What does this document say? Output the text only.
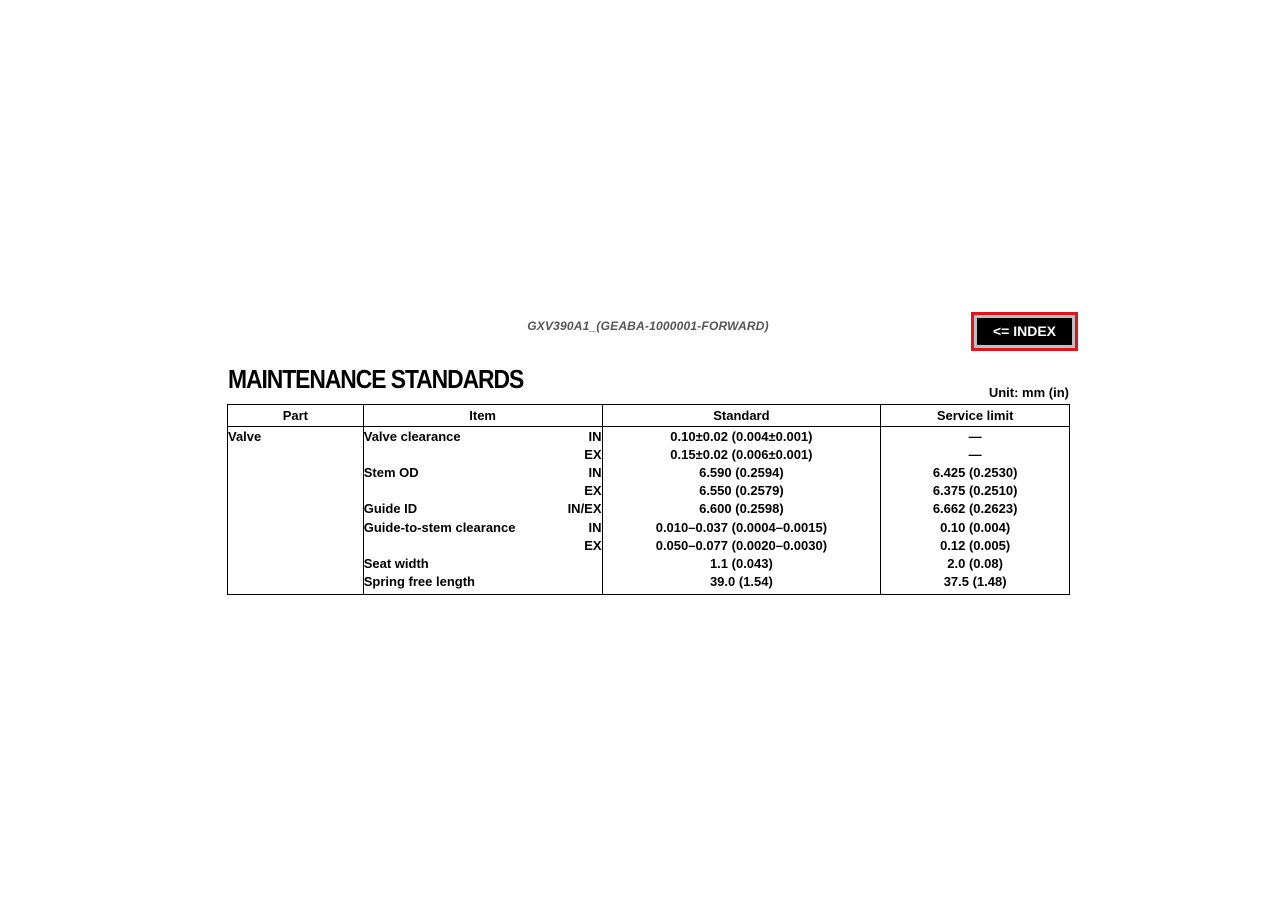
GXV390A1_(GEABA-1000001-FORWARD)	<= INDEX
MAINTENANCE STANDARDS	Unit: mm (in)
Part	Item	Standard	Service limit
Valve	Valve clearance IN	0.10±0.02 (0.004±0.001)	—

	EX	0.15±0.02 (0.006±0.001)	—

	Stem OD IN	6.590 (0.2594)	6.425 (0.2530)

	EX	6.550 (0.2579)	6.375 (0.2510)

	Guide ID IN/EX	6.600 (0.2598)	6.662 (0.2623)

	Guide-to-stem clearance IN	0.010–0.037 (0.0004–0.0015)	0.10 (0.004)

	EX	0.050–0.077 (0.0020–0.0030)	0.12 (0.005)

	Seat width	1.1 (0.043)	2.0 (0.08)

	Spring free length	39.0 (1.54)	37.5 (1.48)
